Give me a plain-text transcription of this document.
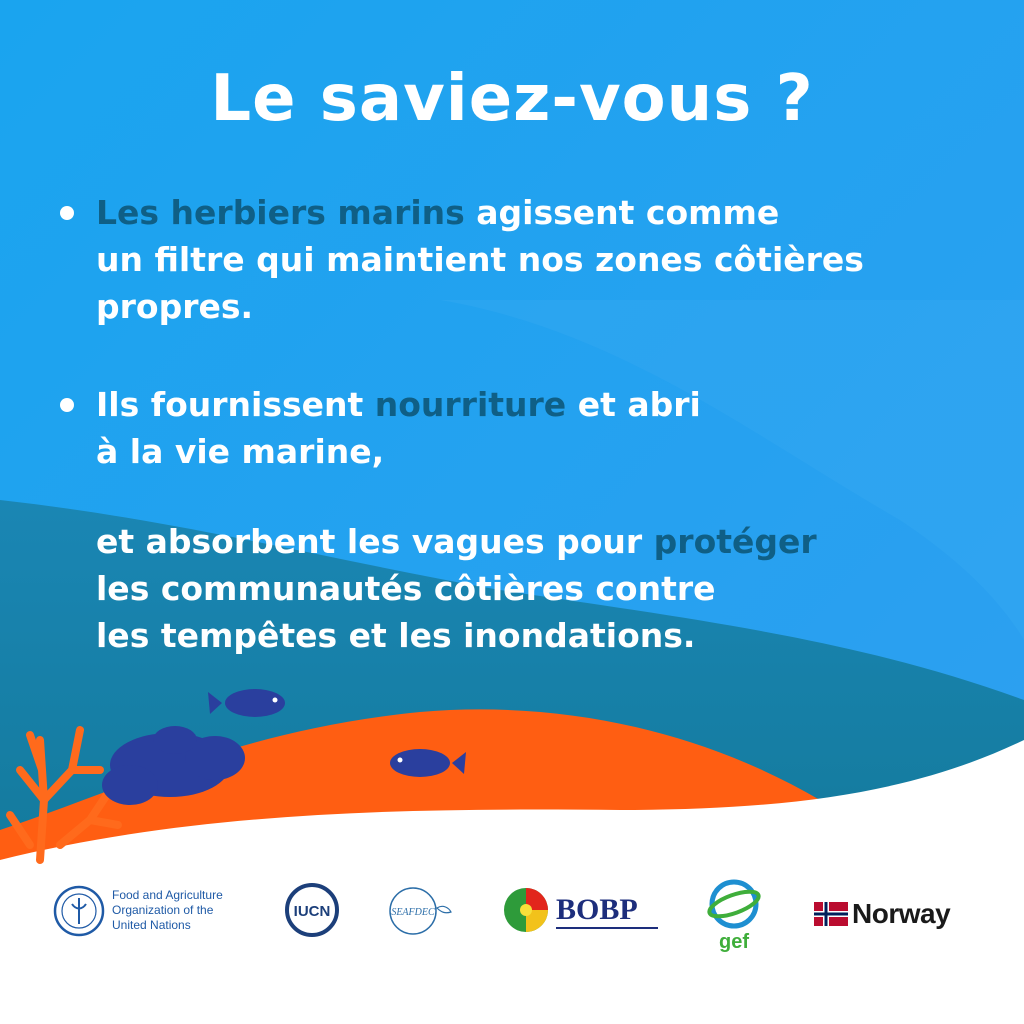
Le saviez-vous ?
Les herbiers marins agissent comme
un filtre qui maintient nos zones côtières
propres.
Ils fournissent nourriture et abri
à la vie marine,
et absorbent les vagues pour protéger
les communautés côtières contre
les tempêtes et les inondations.
Food and Agriculture
Organization of the
United Nations
IUCN	SEAFDEC	BOBP
gef
Norway
